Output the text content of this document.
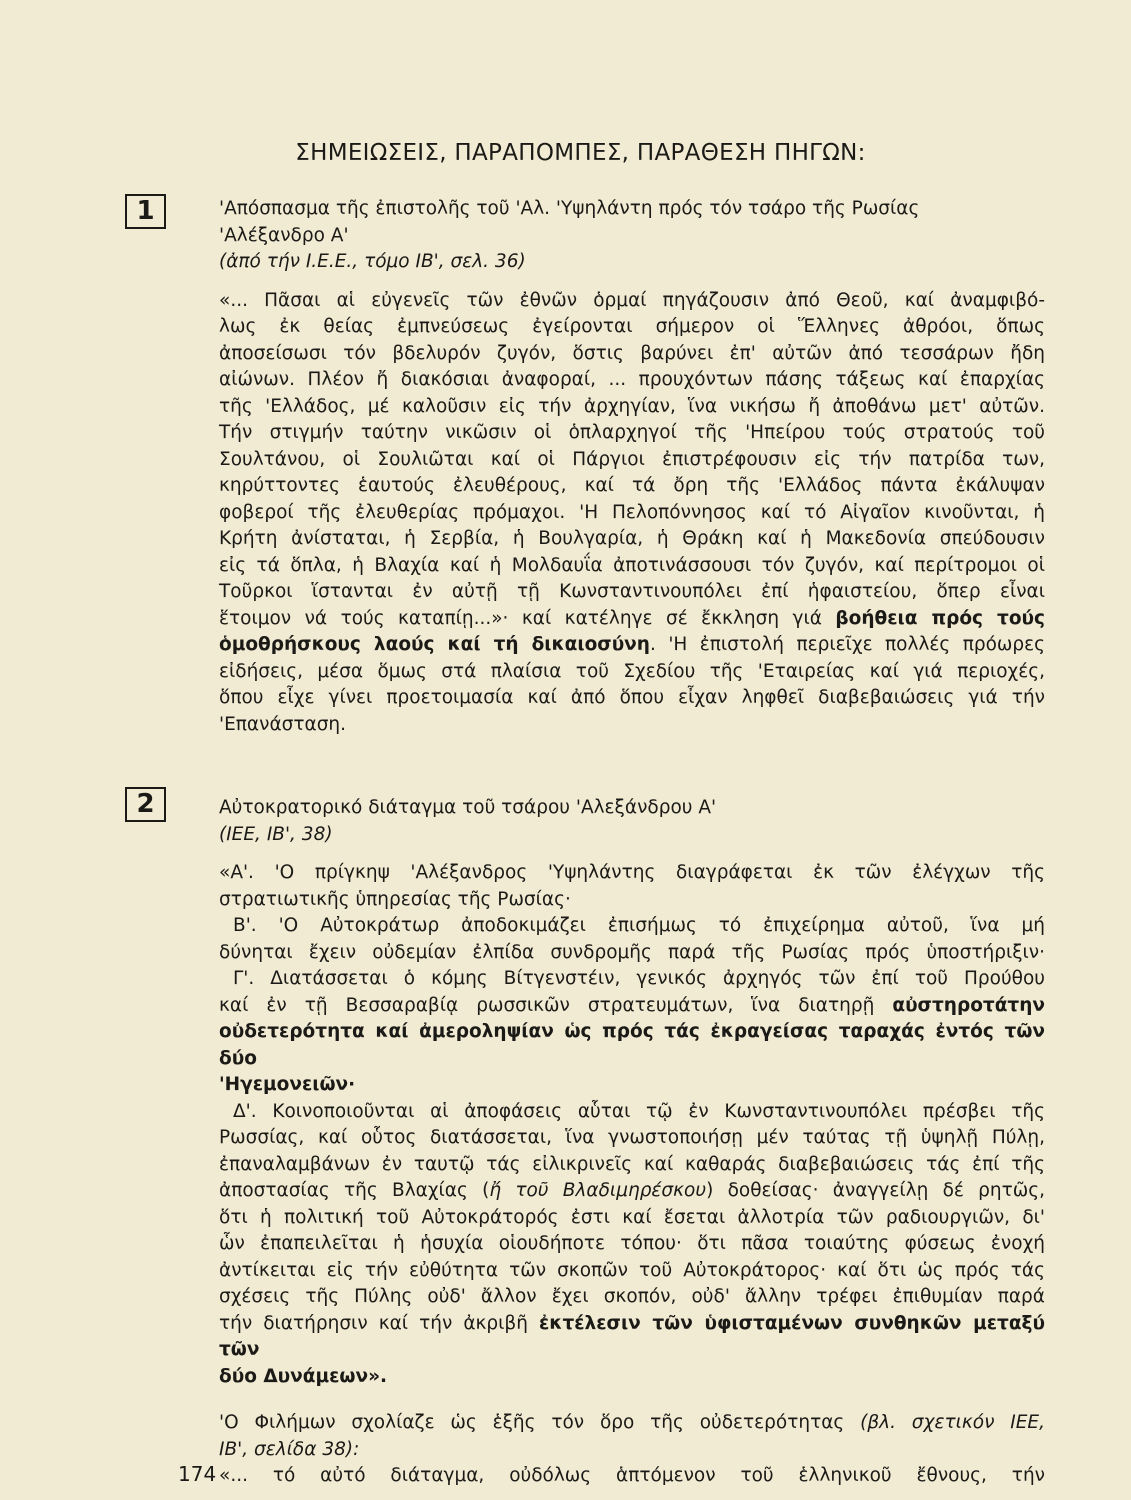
ΣΗΜΕΙΩΣΕΙΣ, ΠΑΡΑΠΟΜΠΕΣ, ΠΑΡΑΘΕΣΗ ΠΗΓΩΝ:
1	'Απόσπασμα τῆς ἐπιστολῆς τοῦ 'Αλ. 'Υψηλάντη πρός τόν τσάρο τῆς Ρωσίας
'Αλέξανδρο Α'
(ἀπό τήν Ι.Ε.Ε., τόμο ΙΒ', σελ. 36)
«... Πᾶσαι αἱ εὐγενεῖς τῶν ἐθνῶν ὁρμαί πηγάζουσιν ἀπό Θεοῦ, καί ἀναμφιβό-
λως ἐκ θείας ἐμπνεύσεως ἐγείρονται σήμερον οἱ Ἕλληνες ἀθρόοι, ὅπως
ἀποσείσωσι τόν βδελυρόν ζυγόν, ὅστις βαρύνει ἐπ' αὐτῶν ἀπό τεσσάρων ἤδη
αἰώνων. Πλέον ἤ διακόσιαι ἀναφοραί, ... προυχόντων πάσης τάξεως καί ἐπαρχίας
τῆς 'Ελλάδος, μέ καλοῦσιν εἰς τήν ἀρχηγίαν, ἵνα νικήσω ἤ ἀποθάνω μετ' αὐτῶν.
Τήν στιγμήν ταύτην νικῶσιν οἱ ὁπλαρχηγοί τῆς 'Ηπείρου τούς στρατούς τοῦ
Σουλτάνου, οἱ Σουλιῶται καί οἱ Πάργιοι ἐπιστρέφουσιν εἰς τήν πατρίδα των,
κηρύττοντες ἑαυτούς ἐλευθέρους, καί τά ὄρη τῆς 'Ελλάδος πάντα ἐκάλυψαν
φοβεροί τῆς ἐλευθερίας πρόμαχοι. 'Η Πελοπόννησος καί τό Αἰγαῖον κινοῦνται, ἡ
Κρήτη ἀνίσταται, ἡ Σερβία, ἡ Βουλγαρία, ἡ Θράκη καί ἡ Μακεδονία σπεύδουσιν
εἰς τά ὅπλα, ἡ Βλαχία καί ἡ Μολδαυΐα ἀποτινάσσουσι τόν ζυγόν, καί περίτρομοι οἱ
Τοῦρκοι ἵστανται ἐν αὐτῇ τῇ Κωνσταντινουπόλει ἐπί ἡφαιστείου, ὅπερ εἶναι
ἕτοιμον νά τούς καταπίῃ...»· καί κατέληγε σέ ἔκκληση γιά βοήθεια πρός τούς
ὁμοθρήσκους λαούς καί τή δικαιοσύνη. 'Η ἐπιστολή περιεῖχε πολλές πρόωρες
εἰδήσεις, μέσα ὅμως στά πλαίσια τοῦ Σχεδίου τῆς 'Εταιρείας καί γιά περιοχές,
ὅπου εἶχε γίνει προετοιμασία καί ἀπό ὅπου εἶχαν ληφθεῖ διαβεβαιώσεις γιά τήν
'Επανάσταση.
2	Αὐτοκρατορικό διάταγμα τοῦ τσάρου 'Αλεξάνδρου Α'
(ΙΕΕ, ΙΒ', 38)
«Α'. 'Ο πρίγκηψ 'Αλέξανδρος 'Υψηλάντης διαγράφεται ἐκ τῶν ἐλέγχων τῆς
στρατιωτικῆς ὑπηρεσίας τῆς Ρωσίας·
Β'. 'Ο Αὐτοκράτωρ ἀποδοκιμάζει ἐπισήμως τό ἐπιχείρημα αὐτοῦ, ἵνα μή
δύνηται ἔχειν οὐδεμίαν ἐλπίδα συνδρομῆς παρά τῆς Ρωσίας πρός ὑποστήριξιν·
Γ'. Διατάσσεται ὁ κόμης Βίτγενστέιν, γενικός ἀρχηγός τῶν ἐπί τοῦ Προύθου
καί ἐν τῇ Βεσσαραβίᾳ ρωσσικῶν στρατευμάτων, ἵνα διατηρῇ αὐστηροτάτην
οὐδετερότητα καί ἀμεροληψίαν ὡς πρός τάς ἐκραγείσας ταραχάς ἐντός τῶν δύο
'Ηγεμονειῶν·
Δ'. Κοινοποιοῦνται αἱ ἀποφάσεις αὗται τῷ ἐν Κωνσταντινουπόλει πρέσβει τῆς
Ρωσσίας, καί οὗτος διατάσσεται, ἵνα γνωστοποιήσῃ μέν ταύτας τῇ ὑψηλῇ Πύλῃ,
ἐπαναλαμβάνων ἐν ταυτῷ τάς εἰλικρινεῖς καί καθαράς διαβεβαιώσεις τάς ἐπί τῆς
ἀποστασίας τῆς Βλαχίας (ἤ τοῦ Βλαδιμηρέσκου) δοθείσας· ἀναγγείλῃ δέ ρητῶς,
ὅτι ἡ πολιτική τοῦ Αὐτοκράτορός ἐστι καί ἔσεται ἀλλοτρία τῶν ραδιουργιῶν, δι'
ὧν ἐπαπειλεῖται ἡ ἡσυχία οἱουδήποτε τόπου· ὅτι πᾶσα τοιαύτης φύσεως ἐνοχή
ἀντίκειται εἰς τήν εὐθύτητα τῶν σκοπῶν τοῦ Αὐτοκράτορος· καί ὅτι ὡς πρός τάς
σχέσεις τῆς Πύλης οὐδ' ἄλλον ἔχει σκοπόν, οὐδ' ἄλλην τρέφει ἐπιθυμίαν παρά
τήν διατήρησιν καί τήν ἀκριβῆ ἐκτέλεσιν τῶν ὑφισταμένων συνθηκῶν μεταξύ τῶν
δύο Δυνάμεων».
'Ο Φιλήμων σχολίαζε ὡς ἑξῆς τόν ὅρο τῆς οὐδετερότητας (βλ. σχετικόν ΙΕΕ,
ΙΒ', σελίδα 38):
«... τό αὐτό διάταγμα, οὐδόλως ἁπτόμενον τοῦ ἑλληνικοῦ ἔθνους, τήν
174
